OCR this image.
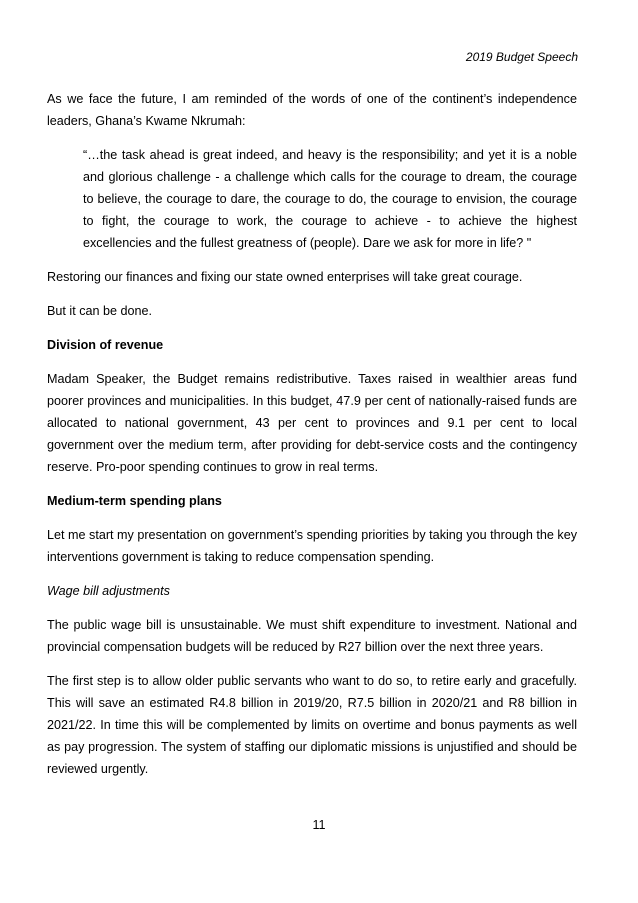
2019 Budget Speech

As we face the future, I am reminded of the words of one of the continent’s independence leaders, Ghana’s Kwame Nkrumah:

“…the task ahead is great indeed, and heavy is the responsibility; and yet it is a noble and glorious challenge - a challenge which calls for the courage to dream, the courage to believe, the courage to dare, the courage to do, the courage to envision, the courage to fight, the courage to work, the courage to achieve - to achieve the highest excellencies and the fullest greatness of (people). Dare we ask for more in life? "

Restoring our finances and fixing our state owned enterprises will take great courage.

But it can be done.

Division of revenue

Madam Speaker, the Budget remains redistributive. Taxes raised in wealthier areas fund poorer provinces and municipalities. In this budget, 47.9 per cent of nationally-raised funds are allocated to national government, 43 per cent to provinces and 9.1 per cent to local government over the medium term, after providing for debt-service costs and the contingency reserve. Pro-poor spending continues to grow in real terms.

Medium-term spending plans

Let me start my presentation on government’s spending priorities by taking you through the key interventions government is taking to reduce compensation spending.

Wage bill adjustments

The public wage bill is unsustainable. We must shift expenditure to investment. National and provincial compensation budgets will be reduced by R27 billion over the next three years.

The first step is to allow older public servants who want to do so, to retire early and gracefully. This will save an estimated R4.8 billion in 2019/20, R7.5 billion in 2020/21 and R8 billion in 2021/22. In time this will be complemented by limits on overtime and bonus payments as well as pay progression. The system of staffing our diplomatic missions is unjustified and should be reviewed urgently.

11
